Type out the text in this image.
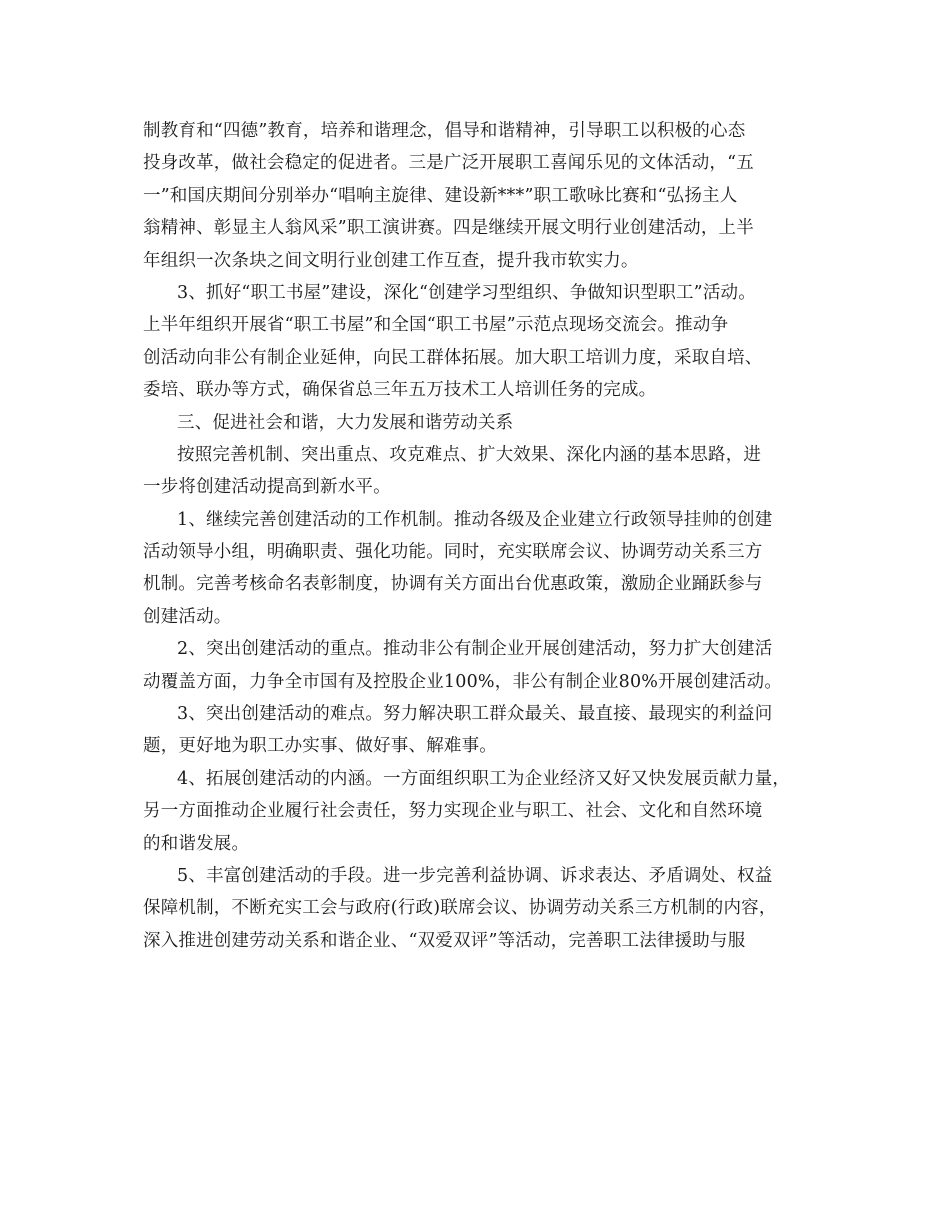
制教育和“四德”教育，培养和谐理念，倡导和谐精神，引导职工以积极的心态
投身改革，做社会稳定的促进者。三是广泛开展职工喜闻乐见的文体活动，“五
一”和国庆期间分别举办“唱响主旋律、建设新***”职工歌咏比赛和“弘扬主人
翁精神、彰显主人翁风采”职工演讲赛。四是继续开展文明行业创建活动，上半
年组织一次条块之间文明行业创建工作互查，提升我市软实力。
3、抓好“职工书屋”建设，深化“创建学习型组织、争做知识型职工”活动。
上半年组织开展省“职工书屋”和全国“职工书屋”示范点现场交流会。推动争
创活动向非公有制企业延伸，向民工群体拓展。加大职工培训力度，采取自培、
委培、联办等方式，确保省总三年五万技术工人培训任务的完成。
三、促进社会和谐，大力发展和谐劳动关系
按照完善机制、突出重点、攻克难点、扩大效果、深化内涵的基本思路，进
一步将创建活动提高到新水平。
1、继续完善创建活动的工作机制。推动各级及企业建立行政领导挂帅的创建
活动领导小组，明确职责、强化功能。同时，充实联席会议、协调劳动关系三方
机制。完善考核命名表彰制度，协调有关方面出台优惠政策，激励企业踊跃参与
创建活动。
2、突出创建活动的重点。推动非公有制企业开展创建活动，努力扩大创建活
动覆盖方面，力争全市国有及控股企业100%，非公有制企业80%开展创建活动。
3、突出创建活动的难点。努力解决职工群众最关、最直接、最现实的利益问
题，更好地为职工办实事、做好事、解难事。
4、拓展创建活动的内涵。一方面组织职工为企业经济又好又快发展贡献力量，
另一方面推动企业履行社会责任，努力实现企业与职工、社会、文化和自然环境
的和谐发展。
5、丰富创建活动的手段。进一步完善利益协调、诉求表达、矛盾调处、权益
保障机制，不断充实工会与政府(行政)联席会议、协调劳动关系三方机制的内容，
深入推进创建劳动关系和谐企业、“双爱双评”等活动，完善职工法律援助与服
